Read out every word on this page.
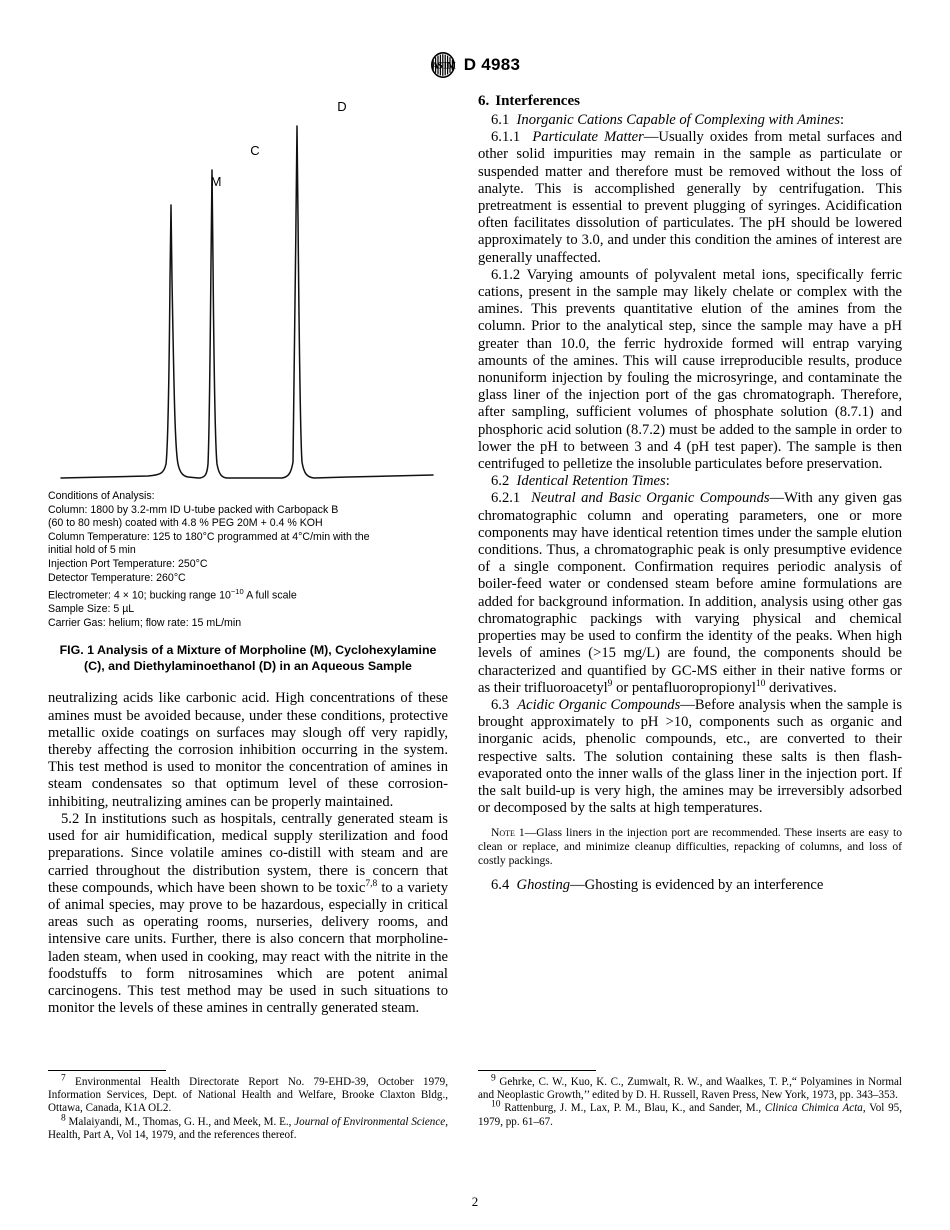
A S T
M D 4983
M
C
D
Conditions of Analysis:
Column: 1800 by 3.2-mm ID U-tube packed with Carbopack B
(60 to 80 mesh) coated with 4.8 % PEG 20M + 0.4 % KOH
Column Temperature: 125 to 180°C programmed at 4°C/min with the
initial hold of 5 min
Injection Port Temperature: 250°C
Detector Temperature: 260°C
Electrometer: 4 × 10; bucking range $10^{-10}$ A full scale
Sample Size: 5 µL
Carrier Gas: helium; flow rate: 15 mL/min
FIG. 1 Analysis of a Mixture of Morpholine (M), Cyclohexylamine
(C), and Diethylaminoethanol (D) in an Aqueous Sample

neutralizing acids like carbonic acid. High concentrations of these amines must be avoided because, under these conditions, protective metallic oxide coatings on surfaces may slough off very rapidly, thereby affecting the corrosion inhibition occurring in the system. This test method is used to monitor the concentration of amines in steam condensates so that optimum level of these corrosion-inhibiting, neutralizing amines can be properly maintained.

5.2 In institutions such as hospitals, centrally generated steam is used for air humidification, medical supply sterilization and food preparations. Since volatile amines co-distill with steam and are carried throughout the distribution system, there is concern that these compounds, which have been shown to be toxic$^{7,8}$ to a variety of animal species, may prove to be hazardous, especially in critical areas such as operating rooms, nurseries, delivery rooms, and intensive care units. Further, there is also concern that morpholine-laden steam, when used in cooking, may react with the nitrite in the foodstuffs to form nitrosamines which are potent animal carcinogens. This test method may be used in such situations to monitor the levels of these amines in centrally generated steam.

6. Interferences

6.1 Inorganic Cations Capable of Complexing with Amines:

6.1.1 Particulate Matter—Usually oxides from metal surfaces and other solid impurities may remain in the sample as particulate or suspended matter and therefore must be removed without the loss of analyte. This is accomplished generally by centrifugation. This pretreatment is essential to prevent plugging of syringes. Acidification often facilitates dissolution of particulates. The pH should be lowered approximately to 3.0, and under this condition the amines of interest are generally unaffected.

6.1.2 Varying amounts of polyvalent metal ions, specifically ferric cations, present in the sample may likely chelate or complex with the amines. This prevents quantitative elution of the amines from the column. Prior to the analytical step, since the sample may have a pH greater than 10.0, the ferric hydroxide formed will entrap varying amounts of the amines. This will cause irreproducible results, produce nonuniform injection by fouling the microsyringe, and contaminate the glass liner of the injection port of the gas chromatograph. Therefore, after sampling, sufficient volumes of phosphate solution (8.7.1) and phosphoric acid solution (8.7.2) must be added to the sample in order to lower the pH to between 3 and 4 (pH test paper). The sample is then centrifuged to pelletize the insoluble particulates before preservation.

6.2 Identical Retention Times:

6.2.1 Neutral and Basic Organic Compounds—With any given gas chromatographic column and operating parameters, one or more components may have identical retention times under the sample elution conditions. Thus, a chromatographic peak is only presumptive evidence of a single component. Confirmation requires periodic analysis of boiler-feed water or condensed steam before amine formulations are added for background information. In addition, analysis using other gas chromatographic packings with varying physical and chemical properties may be used to confirm the identity of the peaks. When high levels of amines (>15 mg/L) are found, the components should be characterized and quantified by GC-MS either in their native forms or as their trifluoroacetyl$^9$ or pentafluoropropionyl$^{10}$ derivatives.

6.3 Acidic Organic Compounds—Before analysis when the sample is brought approximately to pH >10, components such as organic and inorganic acids, phenolic compounds, etc., are converted to their respective salts. The solution containing these salts is then flash-evaporated onto the inner walls of the glass liner in the injection port. If the salt build-up is very high, the amines may be irreversibly adsorbed or decomposed by the salts at high temperatures.

Note 1—Glass liners in the injection port are recommended. These inserts are easy to clean or replace, and minimize cleanup difficulties, repacking of columns, and loss of costly packings.

6.4 Ghosting—Ghosting is evidenced by an interference

$^7$ Environmental Health Directorate Report No. 79-EHD-39, October 1979, Information Services, Dept. of National Health and Welfare, Brooke Claxton Bldg., Ottawa, Canada, K1A OL2.

$^8$ Malaiyandi, M., Thomas, G. H., and Meek, M. E., Journal of Environmental Science, Health, Part A, Vol 14, 1979, and the references thereof.

$^9$ Gehrke, C. W., Kuo, K. C., Zumwalt, R. W., and Waalkes, T. P.,“ Polyamines in Normal and Neoplastic Growth,’’ edited by D. H. Russell, Raven Press, New York, 1973, pp. 343–353.

$^{10}$ Rattenburg, J. M., Lax, P. M., Blau, K., and Sander, M., Clinica Chimica Acta, Vol 95, 1979, pp. 61–67.

2
